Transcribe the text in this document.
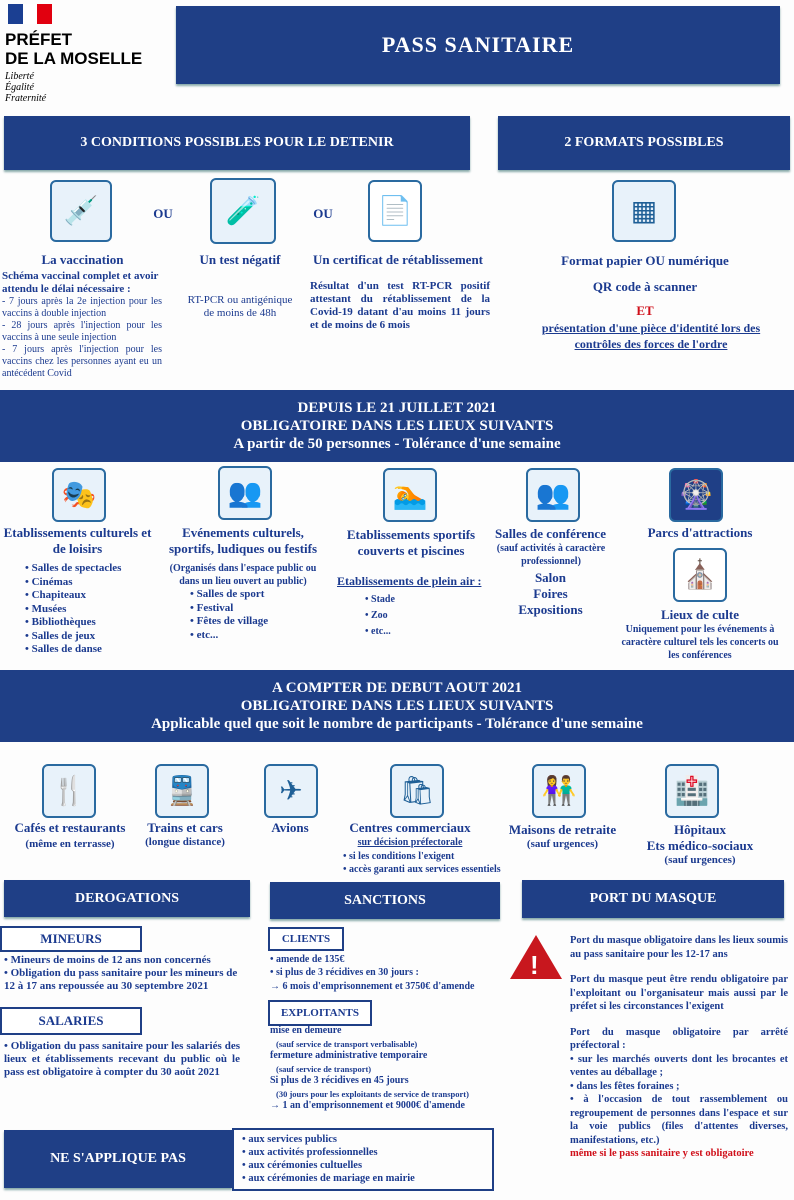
PRÉFET
DE LA MOSELLE
Liberté
Égalité
Fraternité
PASS SANITAIRE
3 CONDITIONS POSSIBLES POUR LE DETENIR	2 FORMATS POSSIBLES
💉	OU	🧪	OU	📄
La vaccination
Schéma vaccinal complet et avoir attendu le délai nécessaire :
- 7 jours après la 2e injection pour les vaccins à double injection
- 28 jours après l'injection pour les vaccins à une seule injection
- 7 jours après l'injection pour les vaccins chez les personnes ayant eu un antécédent Covid
Un test négatif
RT-PCR ou antigénique de moins de 48h
Un certificat de rétablissement
Résultat d'un test RT-PCR positif attestant du rétablissement de la Covid-19 datant d'au moins 11 jours et de moins de 6 mois
▦
Format papier OU numérique
QR code à scanner
ET
présentation d'une pièce d'identité lors des contrôles des forces de l'ordre
DEPUIS LE 21 JUILLET 2021
OBLIGATOIRE DANS LES LIEUX SUIVANTS
A partir de 50 personnes - Tolérance d'une semaine
🎭	👥	🏊	👥	🎡
Etablissements culturels et de loisirs
• Salles de spectacles
• Cinémas
• Chapiteaux
• Musées
• Bibliothèques
• Salles de jeux
• Salles de danse
Evénements culturels, sportifs, ludiques ou festifs
(Organisés dans l'espace public ou dans un lieu ouvert au public)
• Salles de sport
• Festival
• Fêtes de village
• etc...
Etablissements sportifs couverts et piscines
Etablissements de plein air :
• Stade
• Zoo
• etc...
Salles de conférence
(sauf activités à caractère professionnel)
Salon
Foires
Expositions
Parcs d'attractions
⛪
Lieux de culte
Uniquement pour les événements à caractère culturel tels les concerts ou les conférences
A COMPTER DE DEBUT AOUT 2021
OBLIGATOIRE DANS LES LIEUX SUIVANTS
Applicable quel que soit le nombre de participants - Tolérance d'une semaine
🍴	🚆	✈	🛍	👫	🏥
Cafés et restaurants
(même en terrasse)
Trains et cars
(longue distance)
Avions	Centres commerciaux
sur décision préfectorale
• si les conditions l'exigent
• accès garanti aux services essentiels
Maisons de retraite
(sauf urgences)
Hôpitaux
Ets médico-sociaux
(sauf urgences)
DEROGATIONS	SANCTIONS	PORT DU MASQUE
MINEURS
• Mineurs de moins de 12 ans non concernés
• Obligation du pass sanitaire pour les mineurs de 12 à 17 ans repoussée au 30 septembre 2021
SALARIES
• Obligation du pass sanitaire pour les salariés des lieux et établissements recevant du public où le pass est obligatoire à compter du 30 août 2021
CLIENTS
• amende de 135€
• si plus de 3 récidives en 30 jours :
→ 6 mois d'emprisonnement et 3750€ d'amende
EXPLOITANTS
mise en demeure
(sauf service de transport verbalisable)
fermeture administrative temporaire
(sauf service de transport)
Si plus de 3 récidives en 45 jours
(30 jours pour les exploitants de service de transport)
→ 1 an d'emprisonnement et 9000€ d'amende
!
Port du masque obligatoire dans les lieux soumis au pass sanitaire pour les 12-17 ans
Port du masque peut être rendu obligatoire par l'exploitant ou l'organisateur mais aussi par le préfet si les circonstances l'exigent
Port du masque obligatoire par arrêté préfectoral :
• sur les marchés ouverts dont les brocantes et ventes au déballage ;
• dans les fêtes foraines ;
• à l'occasion de tout rassemblement ou regroupement de personnes dans l'espace et sur la voie publics (files d'attentes diverses, manifestations, etc.)
même si le pass sanitaire y est obligatoire
NE S'APPLIQUE PAS
• aux services publics
• aux activités professionnelles
• aux cérémonies cultuelles
• aux cérémonies de mariage en mairie
